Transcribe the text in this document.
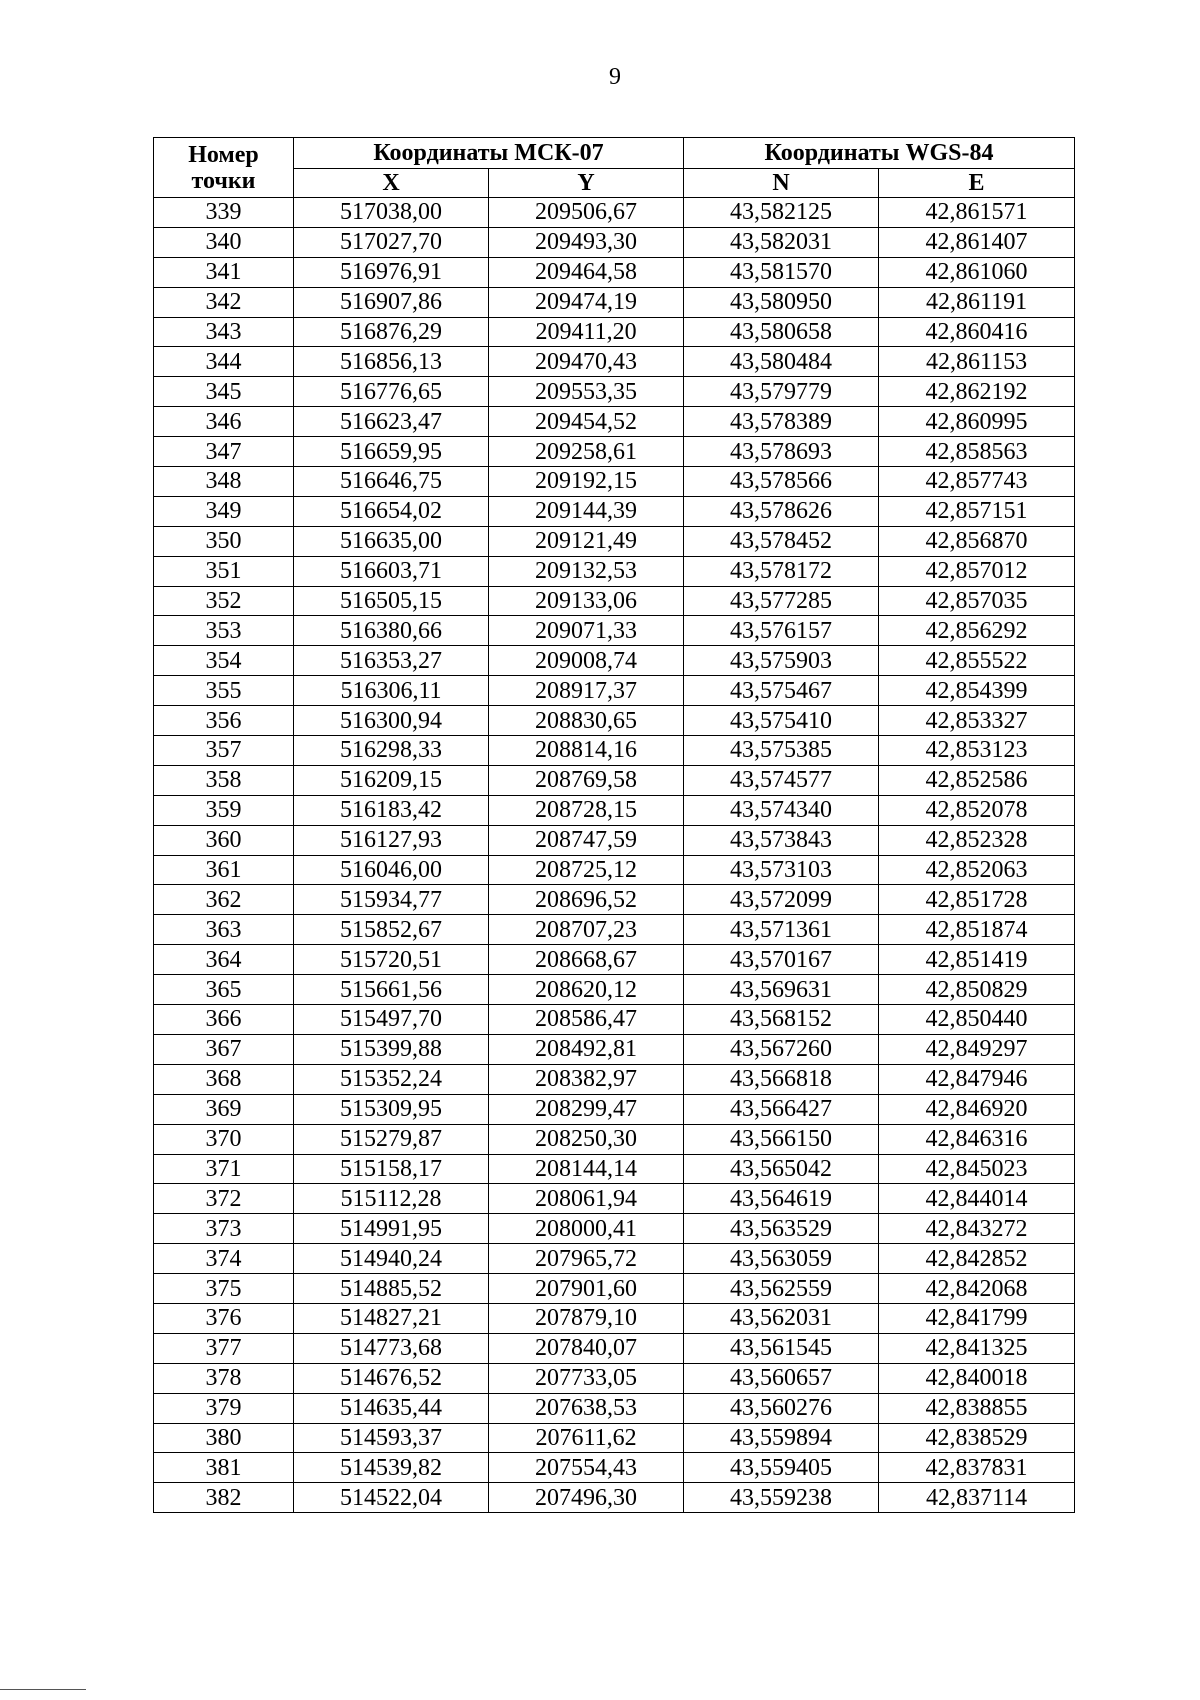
9
Номер точки	Координаты МСК-07		Координаты WGS-84	
	X	Y	N	E
339	517038,00	209506,67	43,582125	42,861571
340	517027,70	209493,30	43,582031	42,861407
341	516976,91	209464,58	43,581570	42,861060
342	516907,86	209474,19	43,580950	42,861191
343	516876,29	209411,20	43,580658	42,860416
344	516856,13	209470,43	43,580484	42,861153
345	516776,65	209553,35	43,579779	42,862192
346	516623,47	209454,52	43,578389	42,860995
347	516659,95	209258,61	43,578693	42,858563
348	516646,75	209192,15	43,578566	42,857743
349	516654,02	209144,39	43,578626	42,857151
350	516635,00	209121,49	43,578452	42,856870
351	516603,71	209132,53	43,578172	42,857012
352	516505,15	209133,06	43,577285	42,857035
353	516380,66	209071,33	43,576157	42,856292
354	516353,27	209008,74	43,575903	42,855522
355	516306,11	208917,37	43,575467	42,854399
356	516300,94	208830,65	43,575410	42,853327
357	516298,33	208814,16	43,575385	42,853123
358	516209,15	208769,58	43,574577	42,852586
359	516183,42	208728,15	43,574340	42,852078
360	516127,93	208747,59	43,573843	42,852328
361	516046,00	208725,12	43,573103	42,852063
362	515934,77	208696,52	43,572099	42,851728
363	515852,67	208707,23	43,571361	42,851874
364	515720,51	208668,67	43,570167	42,851419
365	515661,56	208620,12	43,569631	42,850829
366	515497,70	208586,47	43,568152	42,850440
367	515399,88	208492,81	43,567260	42,849297
368	515352,24	208382,97	43,566818	42,847946
369	515309,95	208299,47	43,566427	42,846920
370	515279,87	208250,30	43,566150	42,846316
371	515158,17	208144,14	43,565042	42,845023
372	515112,28	208061,94	43,564619	42,844014
373	514991,95	208000,41	43,563529	42,843272
374	514940,24	207965,72	43,563059	42,842852
375	514885,52	207901,60	43,562559	42,842068
376	514827,21	207879,10	43,562031	42,841799
377	514773,68	207840,07	43,561545	42,841325
378	514676,52	207733,05	43,560657	42,840018
379	514635,44	207638,53	43,560276	42,838855
380	514593,37	207611,62	43,559894	42,838529
381	514539,82	207554,43	43,559405	42,837831
382	514522,04	207496,30	43,559238	42,837114
